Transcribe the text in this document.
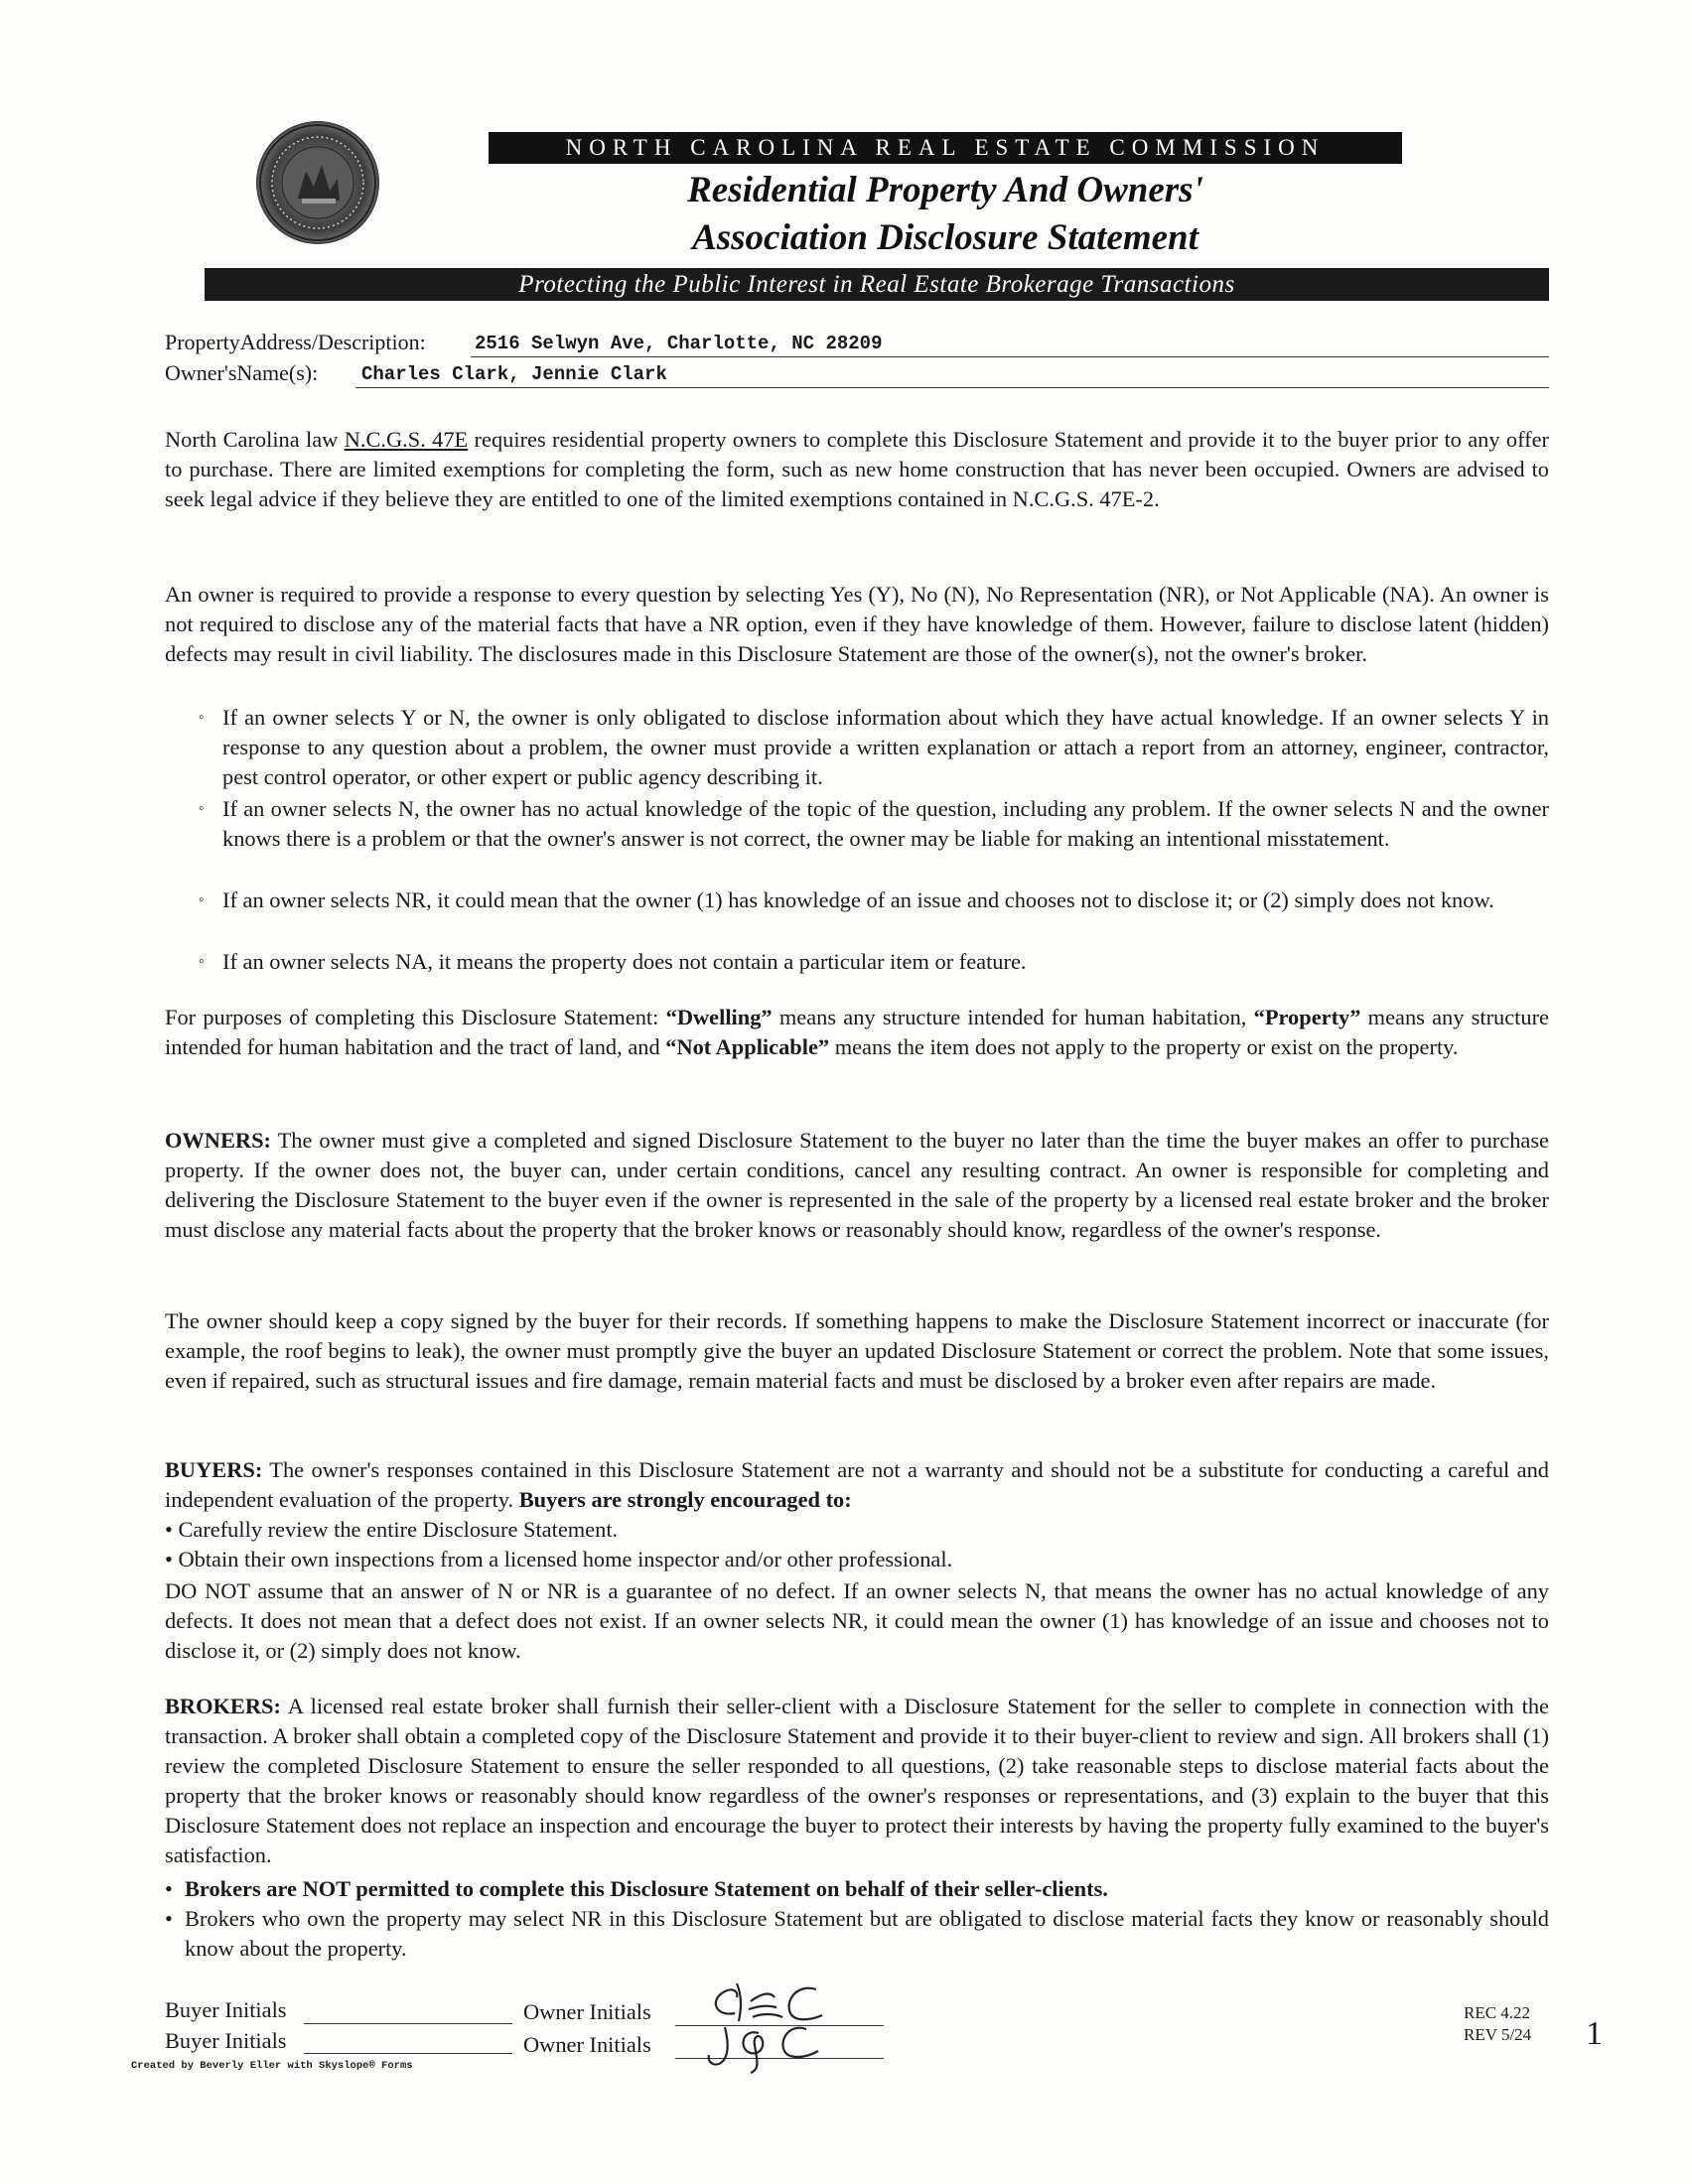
NORTH CAROLINA REAL ESTATE COMMISSION
Residential Property And Owners'
Association Disclosure Statement
Protecting the Public Interest in Real Estate Brokerage Transactions
PropertyAddress/Description:	2516 Selwyn Ave, Charlotte, NC 28209
Owner'sName(s): Charles Clark, Jennie Clark
North Carolina law N.C.G.S. 47E requires residential property owners to complete this Disclosure Statement and provide it to the buyer prior to any offer to purchase. There are limited exemptions for completing the form, such as new home construction that has never been occupied. Owners are advised to seek legal advice if they believe they are entitled to one of the limited exemptions contained in N.C.G.S. 47E-2.
An owner is required to provide a response to every question by selecting Yes (Y), No (N), No Representation (NR), or Not Applicable (NA). An owner is not required to disclose any of the material facts that have a NR option, even if they have knowledge of them. However, failure to disclose latent (hidden) defects may result in civil liability. The disclosures made in this Disclosure Statement are those of the owner(s), not the owner's broker.
◦ If an owner selects Y or N, the owner is only obligated to disclose information about which they have actual knowledge. If an owner selects Y in response to any question about a problem, the owner must provide a written explanation or attach a report from an attorney, engineer, contractor, pest control operator, or other expert or public agency describing it.
◦ If an owner selects N, the owner has no actual knowledge of the topic of the question, including any problem. If the owner selects N and the owner knows there is a problem or that the owner's answer is not correct, the owner may be liable for making an intentional misstatement.
◦ If an owner selects NR, it could mean that the owner (1) has knowledge of an issue and chooses not to disclose it; or (2) simply does not know.
◦ If an owner selects NA, it means the property does not contain a particular item or feature.
For purposes of completing this Disclosure Statement: “Dwelling” means any structure intended for human habitation, “Property” means any structure intended for human habitation and the tract of land, and “Not Applicable” means the item does not apply to the property or exist on the property.
OWNERS: The owner must give a completed and signed Disclosure Statement to the buyer no later than the time the buyer makes an offer to purchase property. If the owner does not, the buyer can, under certain conditions, cancel any resulting contract. An owner is responsible for completing and delivering the Disclosure Statement to the buyer even if the owner is represented in the sale of the property by a licensed real estate broker and the broker must disclose any material facts about the property that the broker knows or reasonably should know, regardless of the owner's response.
The owner should keep a copy signed by the buyer for their records. If something happens to make the Disclosure Statement incorrect or inaccurate (for example, the roof begins to leak), the owner must promptly give the buyer an updated Disclosure Statement or correct the problem. Note that some issues, even if repaired, such as structural issues and fire damage, remain material facts and must be disclosed by a broker even after repairs are made.
BUYERS: The owner's responses contained in this Disclosure Statement are not a warranty and should not be a substitute for conducting a careful and independent evaluation of the property. Buyers are strongly encouraged to:
• Carefully review the entire Disclosure Statement.
• Obtain their own inspections from a licensed home inspector and/or other professional.
DO NOT assume that an answer of N or NR is a guarantee of no defect. If an owner selects N, that means the owner has no actual knowledge of any defects. It does not mean that a defect does not exist. If an owner selects NR, it could mean the owner (1) has knowledge of an issue and chooses not to disclose it, or (2) simply does not know.
BROKERS: A licensed real estate broker shall furnish their seller-client with a Disclosure Statement for the seller to complete in connection with the transaction. A broker shall obtain a completed copy of the Disclosure Statement and provide it to their buyer-client to review and sign. All brokers shall (1) review the completed Disclosure Statement to ensure the seller responded to all questions, (2) take reasonable steps to disclose material facts about the property that the broker knows or reasonably should know regardless of the owner's responses or representations, and (3) explain to the buyer that this Disclosure Statement does not replace an inspection and encourage the buyer to protect their interests by having the property fully examined to the buyer's satisfaction.
• Brokers are NOT permitted to complete this Disclosure Statement on behalf of their seller-clients.
• Brokers who own the property may select NR in this Disclosure Statement but are obligated to disclose material facts they know or reasonably should know about the property.
Buyer Initials
Buyer Initials
Owner Initials
Owner Initials
Created by Beverly Eller with Skyslope® Forms
REC 4.22
REV 5/24 1
